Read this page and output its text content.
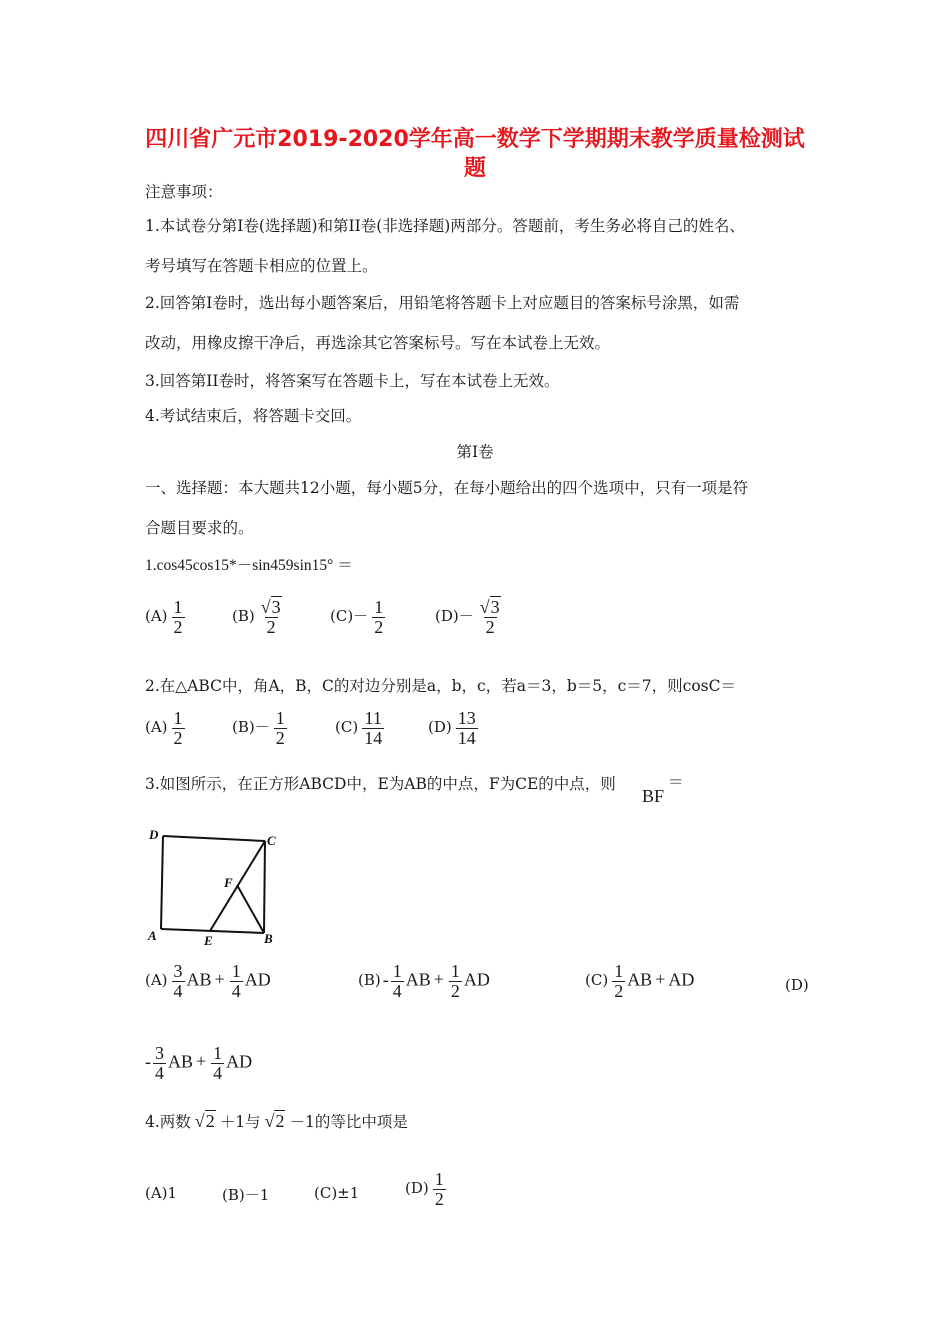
四川省广元市2019-2020学年高一数学下学期期末教学质量检测试
题
注意事项：
1.本试卷分第Ⅰ卷(选择题)和第II卷(非选择题)两部分。答题前，考生务必将自己的姓名、
考号填写在答题卡相应的位置上。
2.回答第Ⅰ卷时，选出每小题答案后，用铅笔将答题卡上对应题目的答案标号涂黑，如需
改动，用橡皮擦干净后，再选涂其它答案标号。写在本试卷上无效。
3.回答第II卷时，将答案写在答题卡上，写在本试卷上无效。
4.考试结束后，将答题卡交回。
第Ⅰ卷
一、选择题：本大题共12小题，每小题5分，在每小题给出的四个选项中，只有一项是符
合题目要求的。
1.cos45cos15*－sin459sin15° ＝
$(A) \frac{1}{2}$	$(B) \frac{√3}{2}$	$(C)- \frac{1}{2}$	$(D)- \frac{√3}{2}$
2.在△ABC中，角A，B，C的对边分别是a，b，c，若a＝3，b＝5，c＝7，则cosC＝
$(A) \frac{1}{2}$	$(B)- \frac{1}{2}$	$(C) \frac{11}{14}$	$(D) \frac{13}{14}$
3.如图所示，在正方形ABCD中，E为AB的中点，F为CE的中点，则
BF
＝
D	C
F
A	E	B
$(A) \frac{3}{4}$ AB + $\frac{1}{4}$ AD	$(B) - \frac{1}{4}$ AB + $\frac{1}{2}$ AD	$(C) \frac{1}{2}$ AB + AD	(D)
- $\frac{3}{4}$ AB + $\frac{1}{4}$ AD
4.两数 √2 ＋1与 √2 －1的等比中项是
(A)1	(B)－1	(C)±1	$(D) \frac{1}{2}$
